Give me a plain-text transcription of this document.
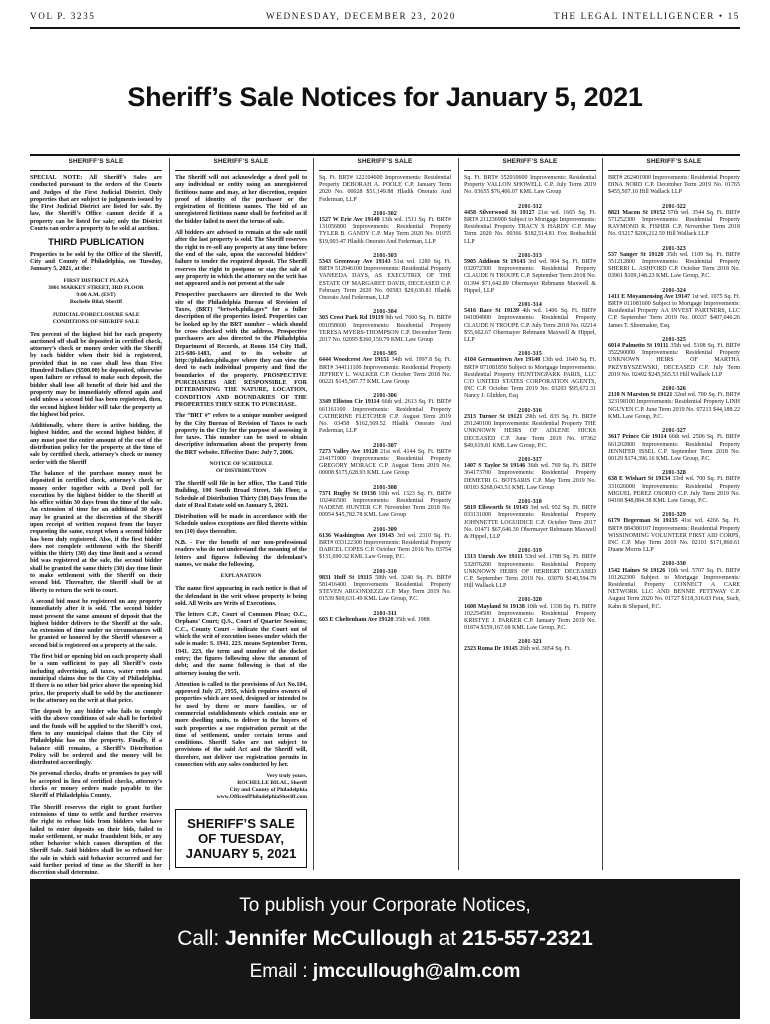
VOL P. 3235	WEDNESDAY, DECEMBER 23, 2020	THE LEGAL INTELLIGENCER • 15
Sheriff’s Sale Notices for January 5, 2021
SHERIFF’S SALE

SPECIAL NOTE: All Sheriff’s Sales are conducted pursuant to the orders of the Courts and Judges of the First Judicial District. Only properties that are subject to judgments issued by the First Judicial District are listed for sale. By law, the Sheriff’s Office cannot decide if a property can be listed for sale; only the District Courts can order a property to be sold at auction.

THIRD PUBLICATION

Properties to be sold by the Office of the Sheriff, City and County of Philadelphia, on Tuesday, January 5, 2021, at the:

FIRST DISTRICT PLAZA
3801 MARKET STREET, 3RD FLOOR
9:00 A.M. (EST)
Rochelle Bilal, Sheriff
JUDICIAL/FORECLOSURE SALE
CONDITIONS OF SHERIFF SALE

Ten percent of the highest bid for each property auctioned off shall be deposited in certified check, attorney’s check or money order with the Sheriff by each bidder when their bid is registered, provided that in no case shall less than Five Hundred Dollars ($500.00) be deposited, otherwise upon failure or refusal to make such deposit, the bidder shall lose all benefit of their bid and the property may be immediately offered again and sold unless a second bid has been registered, then, the second highest bidder will take the property at the highest bid price.

Additionally, where there is active bidding, the highest bidder, and the second highest bidder, if any must post the entire amount of the cost of the distribution policy for the property at the time of sale by certified check, attorney’s check or money order with the Sheriff

The balance of the purchase money must be deposited in certified check, attorney’s check or money order together with a Deed poll for execution by the highest bidder to the Sheriff at his office within 30 days from the time of the sale. An extension of time for an additional 30 days may be granted at the discretion of the Sheriff upon receipt of written request from the buyer requesting the same, except when a second bidder has been duly registered. Also, if the first bidder does not complete settlement with the Sheriff within the thirty (30) day time limit and a second bid was registered at the sale, the second bidder shall be granted the same thirty (30) day time limit to make settlement with the Sheriff on their second bid. Thereafter, the Sheriff shall be at liberty to return the writ to court.

A second bid must be registered on any property immediately after it is sold. The second bidder must present the same amount of deposit that the highest bidder delivers to the Sheriff at the sale. An extension of time under no circumstances will be granted or honored by the Sheriff whenever a second bid is registered on a property at the sale.

The first bid or opening bid on each property shall be a sum sufficient to pay all Sheriff’s costs including advertising, all taxes, water rents and municipal claims due to the City of Philadelphia. If there is no other bid price above the opening bid price, the property shall be sold by the auctioneer to the attorney on the writ at that price.

The deposit by any bidder who fails to comply with the above conditions of sale shall be forfeited and the funds will be applied to the Sheriff’s cost, then to any municipal claims that the City of Philadelphia has on the property. Finally, if a balance still remains, a Sheriff’s Distribution Policy will be ordered and the money will be distributed accordingly.

No personal checks, drafts or promises to pay will be accepted in lieu of certified checks, attorney’s checks or money orders made payable to the Sheriff of Philadelphia County.

The Sheriff reserves the right to grant further extensions of time to settle and further reserves the right to refuse bids from bidders who have failed to enter deposits on their bids, failed to make settlement, or make fraudulent bids, or any other behavior which causes disruption of the Sheriff Sale. Said bidders shall be so refused for the sale in which said behavior occurred and for said further period of time as the Sheriff in her discretion shall determine.

SHERIFF’S SALE

The Sheriff will not acknowledge a deed poll to any individual or entity using an unregistered fictitious name and may, at her discretion, require proof of identity of the purchaser or the registration of fictitious names. The bid of an unregistered fictitious name shall be forfeited as if the bidder failed to meet the terms of sale.

All bidders are advised to remain at the sale until after the last property is sold. The Sheriff reserves the right to re-sell any property at any time before the end of the sale, upon the successful bidders’ failure to tender the required deposit. The Sheriff reserves the right to postpone or stay the sale of any property in which the attorney on the writ has not appeared and is not present at the sale

Prospective purchasers are directed to the Web site of the Philadelphia Bureau of Revision of Taxes, (BRT) “brtweb.phila.gov” for a fuller description of the properties listed. Properties can be looked up by the BRT number – which should be cross checked with the address. Prospective purchasers are also directed to the Philadelphia Department of Records, at Room 154 City Hall, 215-686-1483, and to its website at http://philadox.phila.gov where they can view the deed to each individual property and find the boundaries of the property. PROSPECTIVE PURCHASERS ARE RESPONSIBLE FOR DETERMINING THE NATURE, LOCATION, CONDITION AND BOUNDARIES OF THE PROPERTIES THEY SEEK TO PURCHASE.

The “BRT #” refers to a unique number assigned by the City Bureau of Revision of Taxes to each property in the City for the purpose of assessing it for taxes. This number can be used to obtain descriptive information about the property from the BRT website. Effective Date: July 7, 2006.

NOTICE OF SCHEDULE
OF DISTRIBUTION

The Sheriff will file in her office, The Land Title Building, 100 South Broad Street, 5th Floor, a Schedule of Distribution Thirty (30) Days from the date of Real Estate sold on January 5, 2021.

Distribution will be made in accordance with the Schedule unless exceptions are filed thereto within ten (10) days thereafter.

N.B. - For the benefit of our non-professional readers who do not understand the meaning of the letters and figures following the defendant’s names, we make the following.

EXPLANATION

The name first appearing in each notice is that of the defendant in the writ whose property is being sold. All Writs are Writs of Executions.

The letters C.P., Court of Common Pleas; O.C., Orphans’ Court; Q.S., Court of Quarter Sessions; C.C., County Court - indicate the Court out of which the writ of execution issues under which the sale is made: S. 1941. 223. means September Term, 1941. 223, the term and number of the docket entry; the figures following show the amount of debt; and the name following is that of the attorney issuing the writ.

Attention is called to the provisions of Act No.104, approved July 27, 1955, which requires owners of properties which are used, designed or intended to be used by three or more families, or of commercial establishments which contain one or more dwelling units, to deliver to the buyers of such properties a use registration permit at the time of settlement, under certain terms and conditions. Sheriff Sales are not subject to provisions of the said Act and the Sheriff will, therefore, not deliver use registration permits in connection with any sales conducted by her.

Very truly yours,
ROCHELLE BILAL, Sheriff
City and County of Philadelphia
www.OfficeofPhiladelphiaSheriff.com
SHERIFF’S SALE
OF TUESDAY,
JANUARY 5, 2021
SHERIFF’S SALE
Sq. Ft. BRT# 122104600 Improvements: Residential Property DEBORAH A. POOLE C.P. January Term 2020 No. 00028 $51,149.88 Hladik Onorato And Federman, LLP
2101-302
1527 W Erie Ave 19140 13th wd. 1511 Sq. Ft. BRT# 131056800 Improvements: Residential Property TYLER B. GANDY C.P. May Term 2020 No. 01055 $19,003.47 Hladik Onorato And Federman, LLP
2101-303
5343 Greenway Ave 19143 51st wd. 1280 Sq. Ft. BRT# 512046100 Improvements: Residential Property VANEEDA DAYS, AS EXECUTRIX OF THE ESTATE OF MARGARET DAVIS, DECEASED C.P. February Term 2020 No. 00583 $29,630.81 Hladik Onorato And Federman, LLP
2101-304
303 Crest Park Rd 19119 9th wd. 7600 Sq. Ft. BRT# 091058600 Improvements: Residential Property TERESA MYERS-THOMPSON C.P. December Term 2017 No. 02095 $360,150.79 KML Law Group
2101-305
6444 Woodcrest Ave 19151 34th wd. 1997.8 Sq. Ft. BRT# 344111100 Improvements: Residential Property JEFFREY L. WALKER C.P. October Term 2018 No. 00221 $145,587.77 KML Law Group
2101-306
3349 Elliston Cir 19114 66th wd. 2613 Sq. Ft. BRT# 661161100 Improvements: Residential Property CATHERINE FLETCHER C.P. August Term 2019 No. 03458 $162,569.52 Hladik Onorato And Federman, LLP
2101-307
7273 Valley Ave 19128 21st wd. 4144 Sq. Ft. BRT# 214171900 Improvements: Residential Property GREGORY MORACE C.P. August Term 2019 No. 00008 $175,628.93 KML Law Group
2101-308
7371 Rugby St 19138 10th wd. 1323 Sq. Ft. BRT# 102466500 Improvements: Residential Property NADENE HUNTER C.P. November Term 2018 No. 00954 $45,782.78 KML Law Group
2101-309
6136 Washington Ave 19143 3rd wd. 2310 Sq. Ft. BRT# 033122300 Improvements: Residential Property DARCEL COPES C.P. October Term 2016 No. 03754 $131,690.32 KML Law Group, P.C.
2101-310
9831 Hoff St 19115 58th wd. 3240 Sq. Ft. BRT# 581416400 Improvements Residential Property STEVEN ARGONDEZZI C.P. May Term 2019 No. 01539 $69,631.49 KML Law Group, P.C.
2101-311
603 E Cheltenham Ave 19120 35th wd. 1088
SHERIFF’S SALE
Sq. Ft. BRT# 352010600 Improvements: Residential Property VALLON SHOWELL C.P. July Term 2019 No. 03655 $76,406.07 KML Law Group
2101-312
4458 Silverwood St 19127 21st wd. 1665 Sq. Ft. BRT# 211236900 Subject to Mortgage Improvements: Residential Property TRACY S HARDY C.P. May Term 2020 No. 00366 $182,514.81 Fox Rothschild LLP
2101-313
5905 Addison St 19143 3rd wd. 904 Sq. Ft. BRT# 032072300 Improvements: Residential Property CLAUDE N TROUPE C.P. September Term 2018 No. 01394 $71,642.89 Obermayer Rebmann Maxwell & Hippel, LLP
2101-314
5416 Race St 19139 4th wd. 1406 Sq. Ft. BRT# 041004900 Improvements: Residential Property CLAUDE N TROUPE C.P. July Term 2018 No. 02214 $55,662.67 Obermayer Rebmann Maxwell & Hippel, LLP
2101-315
4104 Germantown Ave 19140 13th wd. 1640 Sq. Ft. BRT# 871081850 Subject to Mortgage Improvements: Residential Property HUNTINGPARK PARIS, LLC C/O UNITED STATES CORPORATION AGENTS, INC C.P. October Term 2019 No. 03203 $95,672.31 Nancy J. Glidden, Esq
2101-316
2313 Turner St 19121 29th wd. 835 Sq. Ft. BRT# 291240100 Improvements: Residential Property THE UNKNOWN HEIRS OF ADLENE HICKS DECEASED C.P. June Term 2019 No. 07362 $49,619.81 KML Law Group, P.C.
2101-317
1407 S Taylor St 19146 36th wd. 769 Sq. Ft. BRT# 364173700 Improvements: Residential Property DEMETRI G. BOTSARIS C.P. May Term 2019 No. 00183 $268,043.51 KML Law Group
2101-318
5819 Ellsworth St 19143 3rd wd. 952 Sq. Ft. BRT# 033131000 Improvements: Residential Property JOHNNETTE LOGUIDICE C.P. October Term 2017 No. 01471 $67,646.30 Obermayer Rebmann Maxwell & Hippel, LLP
2101-319
1313 Unruh Ave 19111 53rd wd. 1788 Sq. Ft. BRT# 532076200 Improvements: Residential Property UNKNOWN HEIRS OF HERBERT DECEASED C.P. September Term 2019 No. 03070 $140,594.79 Hill Wallack LLP
2101-320
1608 Mayland St 19138 10th wd. 1338 Sq. Ft. BRT# 102254500 Improvements: Residential Property KRISTYE J. PARKER C.P. January Term 2019 No. 01874 $159,167.68 KML Law Group, P.C.
2101-321
2323 Roma Dr 19145 26th wd. 3054 Sq. Ft.
SHERIFF’S SALE
BRT# 262401900 Improvements: Residential Property DINA NORD C.P. December Term 2019 No. 01765 $455,507.10 Hill Wallack LLP
2101-322
8821 Macon St 19152 57th wd. 3544 Sq. Ft. BRT# 571252300 Improvements: Residential Property RAYMOND R. FISHER C.P. November Term 2018 No. 03217 $206,212.59 Hill Wallack LLP
2101-323
537 Sanger St 19120 35th wd. 1109 Sq. Ft. BRT# 351212800 Improvements: Residential Property SHERRI L. ASHFORD C.P. October Term 2018 No. 03961 $109,148.23 KML Law Group, P.C.
2101-324
1411 E Moyamensing Ave 19147 1st wd. 1075 Sq. Ft. BRT# 011081600 Subject to Mortgage Improvements: Residential Property AA INVEST PARTNERS, LLC C.P. September Term 2019 No. 00337 $407,046.26 James T. Shoemaker, Esq.
2101-325
6014 Palmetto St 19111 35th wd. 5108 Sq. Ft. BRT# 352290000 Improvements: Residential Property UNKNOWN HEIRS OF MARTHA PRZYBYSZEWSKI, DECEASED C.P. July Term 2019 No. 02492 $245,565.53 Hill Wallack LLP
2101-326
2118 N Marston St 19121 32nd wd. 700 Sq. Ft. BRT# 323198100 Improvements: Residential Property LINH NGUYEN C.P. June Term 2019 No. 07213 $44,188.22 KML Law Group, P.C.
2101-327
3617 Prince Cir 19114 66th wd. 2506 Sq. Ft. BRT# 661202800 Improvements: Residential Property JENNIFER ISSEL C.P. September Term 2018 No. 00129 $174,396.16 KML Law Group, P.C.
2101-328
638 E Wishart St 19134 33rd wd. 700 Sq. Ft. BRT# 331026000 Improvements: Residential Property MIGUEL PEREZ OSORIO C.P. July Term 2019 No. 04168 $48,884.38 KML Law Group, P.C.
2101-329
6179 Hegerman St 19135 41st wd. 4266 Sq. Ft. BRT# 884380107 Improvements: Residential Property WISSINOMING VOLUNTEER FIRST AID CORPS, INC C.P. May Term 2019 No. 02101 $171,860.61 Duane Morris LLP
2101-330
1542 Haines St 19126 10th wd. 5707 Sq. Ft. BRT# 101262300 Subject to Mortgage Improvements: Residential Property CONNECT A CARE NETWORK LLC AND BENNIE PETTWAY C.P. August Term 2020 No. 01727 $118,316.03 Fein, Such, Kahn & Shepard, P.C.
To publish your Corporate Notices,
Call: Jennifer McCullough at 215-557-2321
Email : jmccullough@alm.com
